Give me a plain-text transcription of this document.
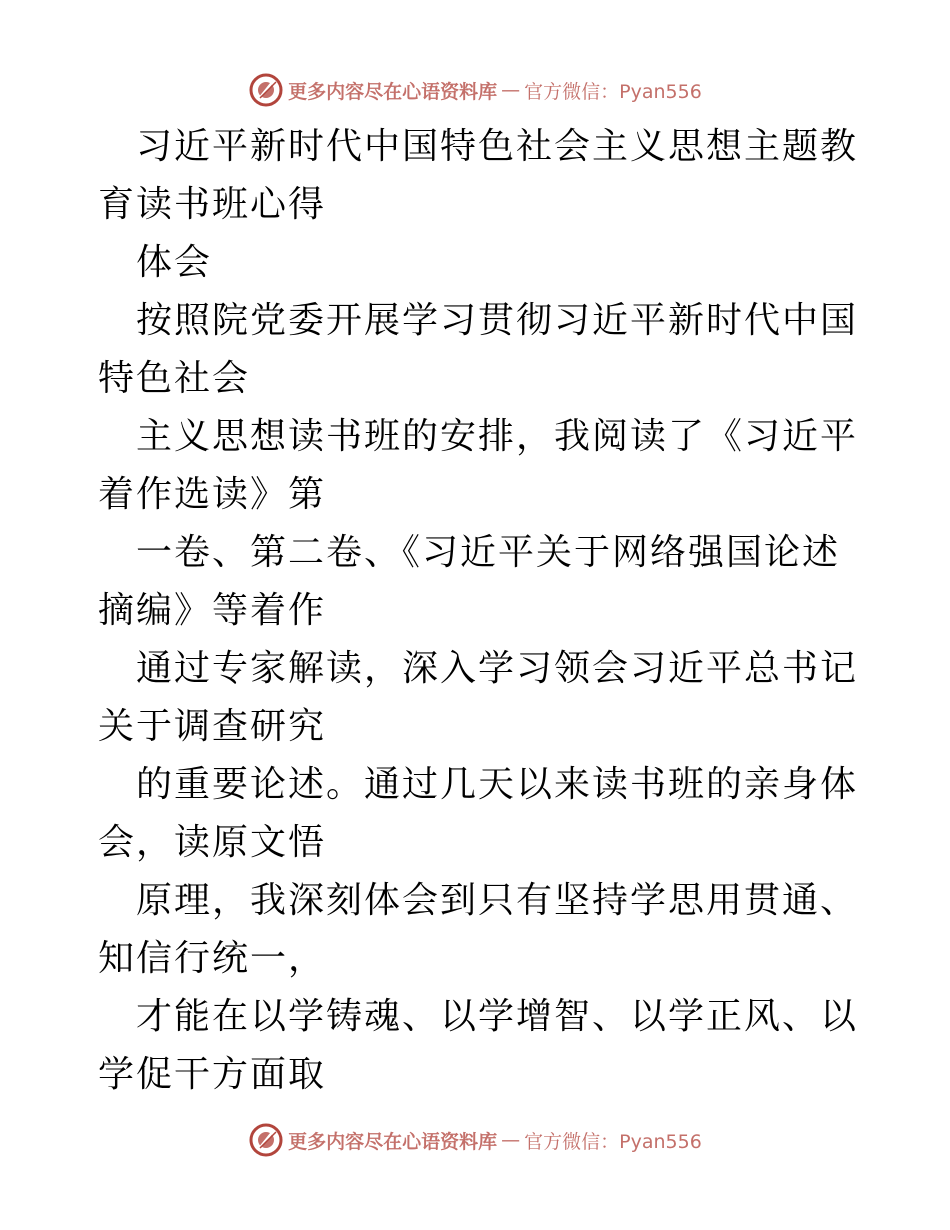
更多内容尽在心语资料库 — 官方微信：Pyan556

习近平新时代中国特色社会主义思想主题教育读书班心得

体会

按照院党委开展学习贯彻习近平新时代中国特色社会

主义思想读书班的安排，我阅读了《习近平着作选读》第

一卷、第二卷、《习近平关于网络强国论述摘编》等着作

通过专家解读，深入学习领会习近平总书记关于调查研究

的重要论述。通过几天以来读书班的亲身体会，读原文悟

原理，我深刻体会到只有坚持学思用贯通、知信行统一，

才能在以学铸魂、以学增智、以学正风、以学促干方面取

更多内容尽在心语资料库 — 官方微信：Pyan556
